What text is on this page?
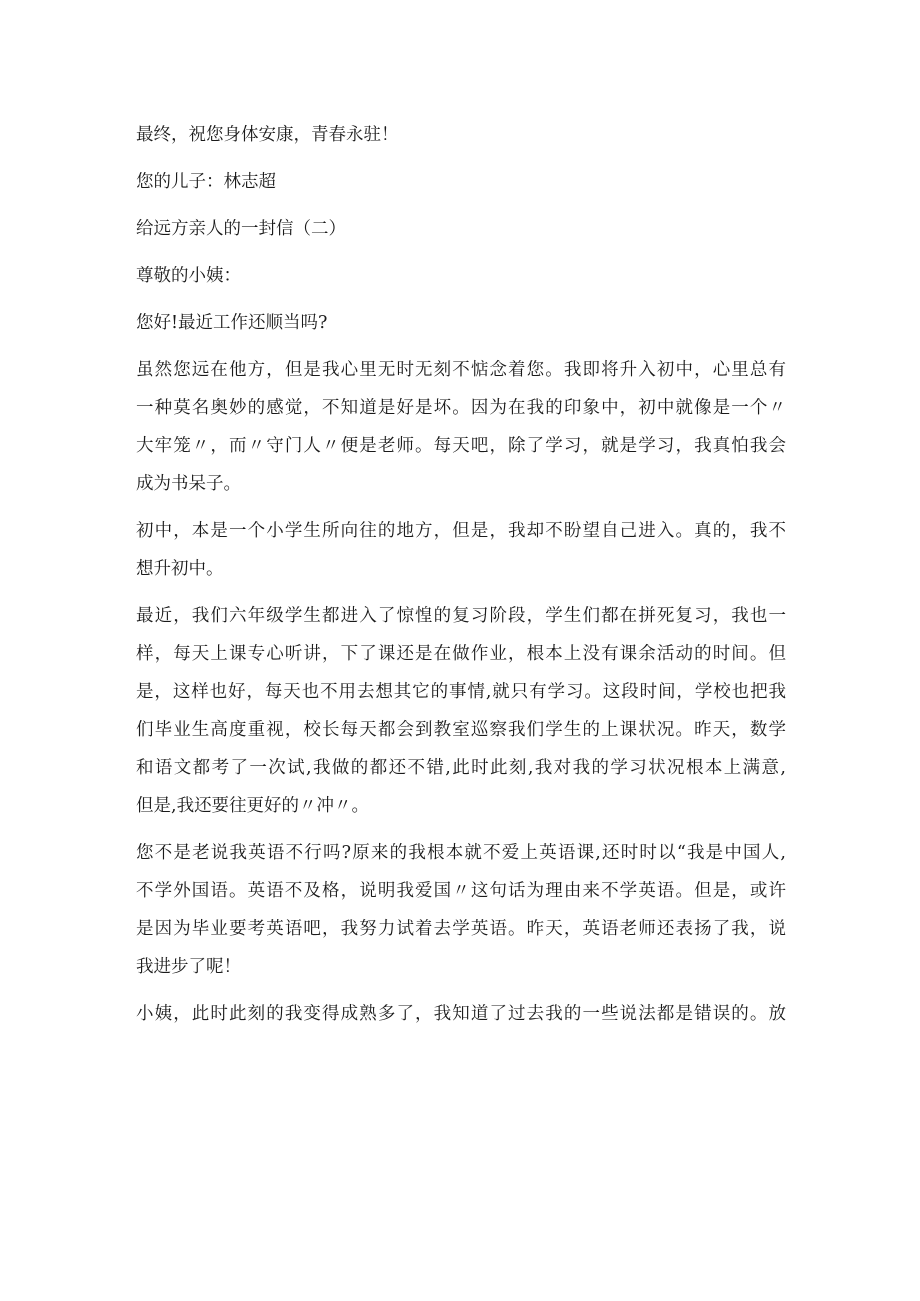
最终，祝您身体安康，青春永驻！

您的儿子：林志超

给远方亲人的一封信（二）

尊敬的小姨：

您好!最近工作还顺当吗?

虽然您远在他方，但是我心里无时无刻不惦念着您。我即将升入初中，心里总有
一种莫名奥妙的感觉，不知道是好是坏。因为在我的印象中，初中就像是一个〃
大牢笼〃，而〃守门人〃便是老师。每天吧，除了学习，就是学习，我真怕我会
成为书呆子。

初中，本是一个小学生所向往的地方，但是，我却不盼望自己进入。真的，我不
想升初中。

最近，我们六年级学生都进入了惊惶的复习阶段，学生们都在拼死复习，我也一
样，每天上课专心听讲，下了课还是在做作业，根本上没有课余活动的时间。但
是，这样也好，每天也不用去想其它的事情,就只有学习。这段时间，学校也把我
们毕业生高度重视，校长每天都会到教室巡察我们学生的上课状况。昨天，数学
和语文都考了一次试,我做的都还不错,此时此刻,我对我的学习状况根本上满意,
但是,我还要往更好的〃冲〃。

您不是老说我英语不行吗?原来的我根本就不爱上英语课,还时时以“我是中国人,
不学外国语。英语不及格，说明我爱国〃这句话为理由来不学英语。但是，或许
是因为毕业要考英语吧，我努力试着去学英语。昨天，英语老师还表扬了我，说
我进步了呢！

小姨，此时此刻的我变得成熟多了，我知道了过去我的一些说法都是错误的。放
